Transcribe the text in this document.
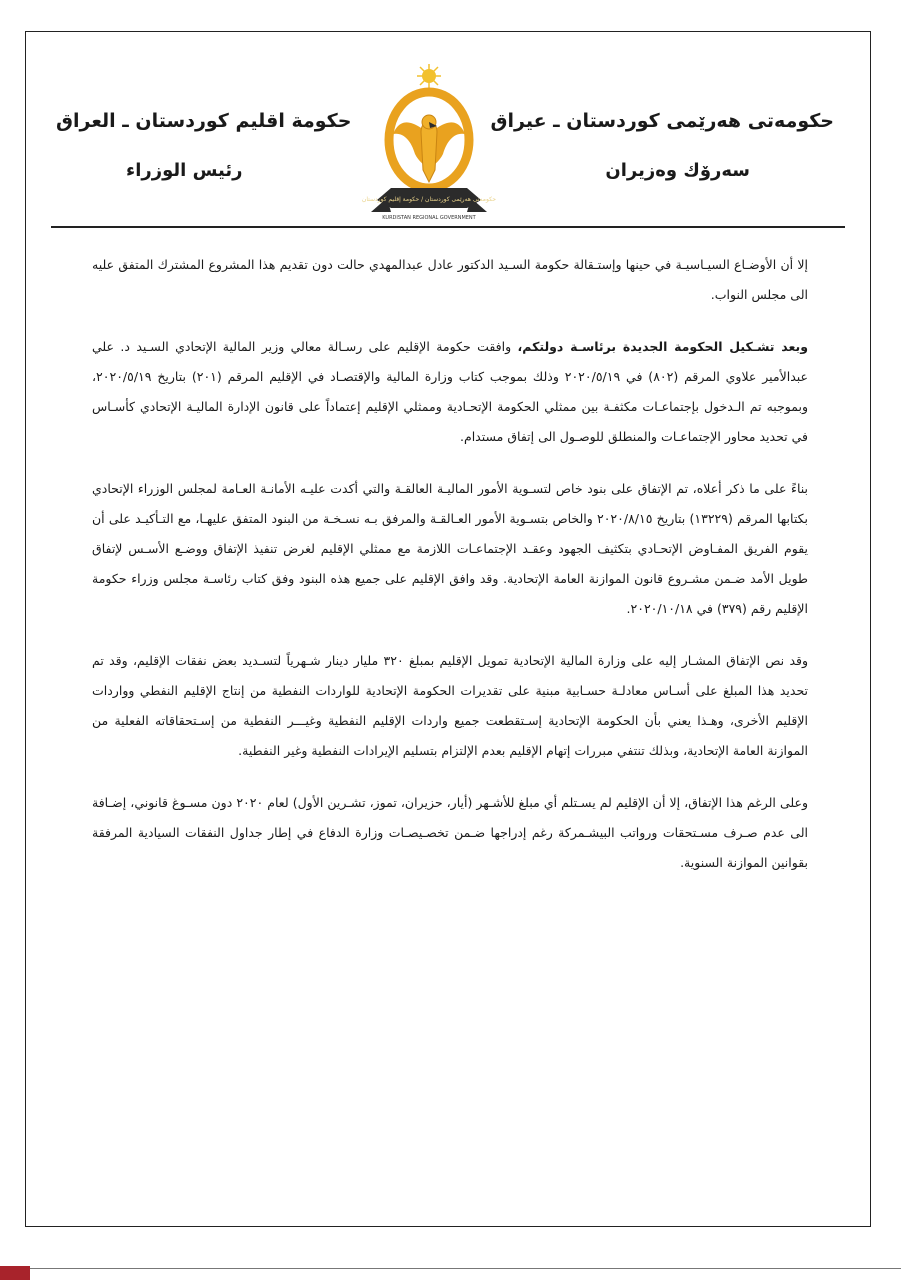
حکومەتی هەرێمی کوردستان ـ عیراق
سەرۆك وەزیران
حكومة اقليم كوردستان ـ العراق
رئيس الوزراء
حکومەتی هەرێمی کوردستان / حكومة إقليم كوردستان
KURDISTAN REGIONAL GOVERNMENT

إلا أن الأوضـاع السيـاسيـة في حينها وإستـقالة حكومة السـيد الدكتور عادل عبدالمهدي حالت دون تقديم هذا المشروع المشترك المتفق عليه الى مجلس النواب.

وبعد تشـكيل الحكومة الجديدة برئاسـة دولتكم، وافقت حكومة الإقليم على رسـالة معالي وزير المالية الإتحادي السـيد د. علي عبدالأمير علاوي المرقم (٨٠٢) في ٢٠٢٠/٥/١٩ وذلك بموجب كتاب وزارة المالية والإقتصـاد في الإقليم المرقم (٢٠١) بتاريخ ٢٠٢٠/٥/١٩، وبموجبه تم الـدخول بإجتماعـات مكثفـة بين ممثلي الحكومة الإتحـادية وممثلي الإقليم إعتماداً على قانون الإدارة الماليـة الإتحادي كأسـاس في تحديد محاور الإجتماعـات والمنطلق للوصـول الى إتفاق مستدام.

بناءً على ما ذكر أعلاه، تم الإتفاق على بنود خاص لتسـوية الأمور الماليـة العالقـة والتي أكدت عليـه الأمانـة العـامة لمجلس الوزراء الإتحادي بكتابها المرقم (١٣٢٢٩) بتاريخ ٢٠٢٠/٨/١٥ والخاص بتسـوية الأمور العـالقـة والمرفق بـه نسـخـة من البنود المتفق عليهـا، مع التـأكيـد على أن يقوم الفريق المفـاوض الإتحـادي بتكثيف الجهود وعقـد الإجتماعـات اللازمة مع ممثلي الإقليم لغرض تنفيذ الإتفاق ووضـع الأسـس لإتفاق طويل الأمد ضـمن مشـروع قانون الموازنة العامة الإتحادية. وقد وافق الإقليم على جميع هذه البنود وفق كتاب رئاسـة مجلس وزراء حكومة الإقليم رقم (٣٧٩) في ٢٠٢٠/١٠/١٨.

وقد نص الإتفاق المشـار إليه على وزارة المالية الإتحادية تمويل الإقليم بمبلغ ٣٢٠ مليار دينار شـهرياً لتسـديد بعض نفقات الإقليم، وقد تم تحديد هذا المبلغ على أسـاس معادلـة حسـابية مبنية على تقديرات الحكومة الإتحادية للواردات النفطية من إنتاج الإقليم النفطي وواردات الإقليم الأخرى، وهـذا يعني بأن الحكومة الإتحادية إسـتقطعت جميع واردات الإقليم النفطية وغيـــر النفطية من إسـتحقاقاته الفعلية من الموازنة العامة الإتحادية، وبذلك تنتفي مبررات إتهام الإقليم بعدم الإلتزام بتسليم الإيرادات النفطية وغير النفطية.

وعلى الرغم هذا الإتفاق، إلا أن الإقليم لم يسـتلم أي مبلغ للأشـهر (أيار، حزيران، تموز، تشـرين الأول) لعام ٢٠٢٠ دون مسـوغ قانوني، إضـافة الى عدم صـرف مسـتحقات ورواتب البيشـمركة رغم إدراجها ضـمن تخصـيصـات وزارة الدفاع في إطار جداول النفقات السيادية المرفقة بقوانين الموازنة السنوية.
